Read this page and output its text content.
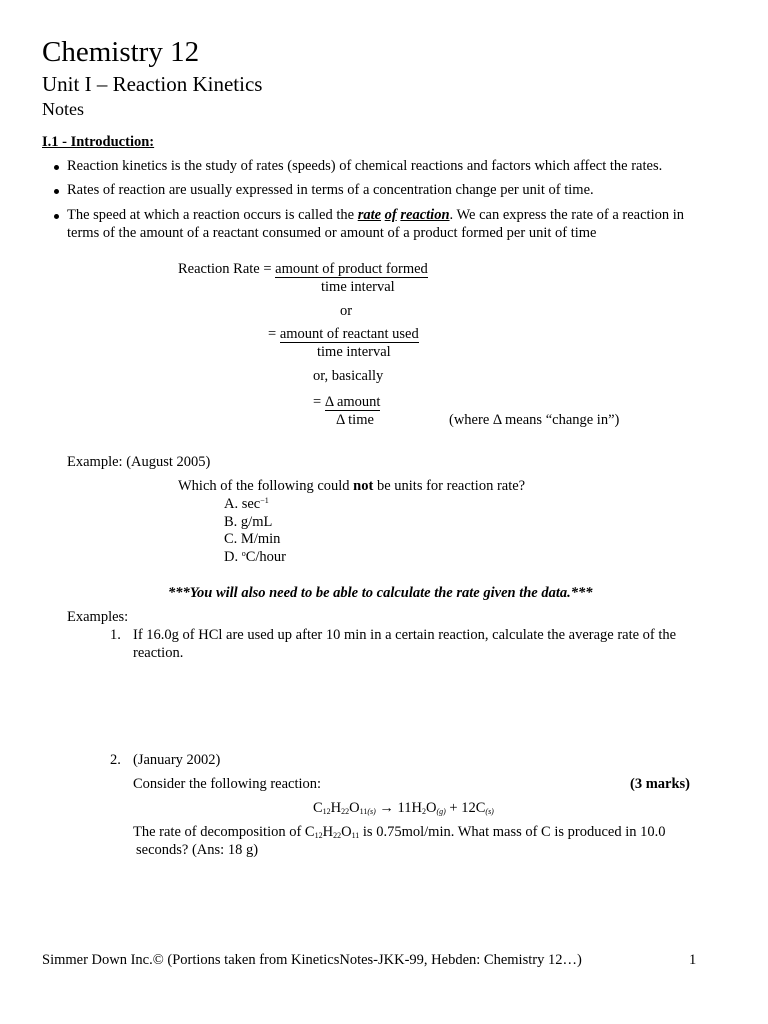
Chemistry 12
Unit I – Reaction Kinetics
Notes
I.1 - Introduction:
Reaction kinetics is the study of rates (speeds) of chemical reactions and factors which affect the rates.
Rates of reaction are usually expressed in terms of a concentration change per unit of time.
The speed at which a reaction occurs is called the rate of reaction. We can express the rate of a reaction in
terms of the amount of a reactant consumed or amount of a product formed per unit of time
Reaction Rate = amount of product formed
time interval
or
= amount of reactant used
time interval
or, basically
= Δ amount
Δ time	(where Δ means “change in”)
Example: (August 2005)
Which of the following could not be units for reaction rate?
A. $\sec^{-1}$
B. g/mL
C. M/min
D. $^o$C/hour
***You will also need to be able to calculate the rate given the data.***
Examples:
1. If 16.0g of HCl are used up after 10 min in a certain reaction, calculate the average rate of the
reaction.
2. (January 2002)
Consider the following reaction:	(3 marks)
$C_{12}H_{22}O_{11}(s) \to 11H_2O(g) + 12C(s)$
The rate of decomposition of $C_{12}H_{22}O_{11}$ is 0.75mol/min. What mass of C is produced in 10.0
seconds? (Ans: 18 g)
Simmer Down Inc.© (Portions taken from KineticsNotes-JKK-99, Hebden: Chemistry 12…)	1
